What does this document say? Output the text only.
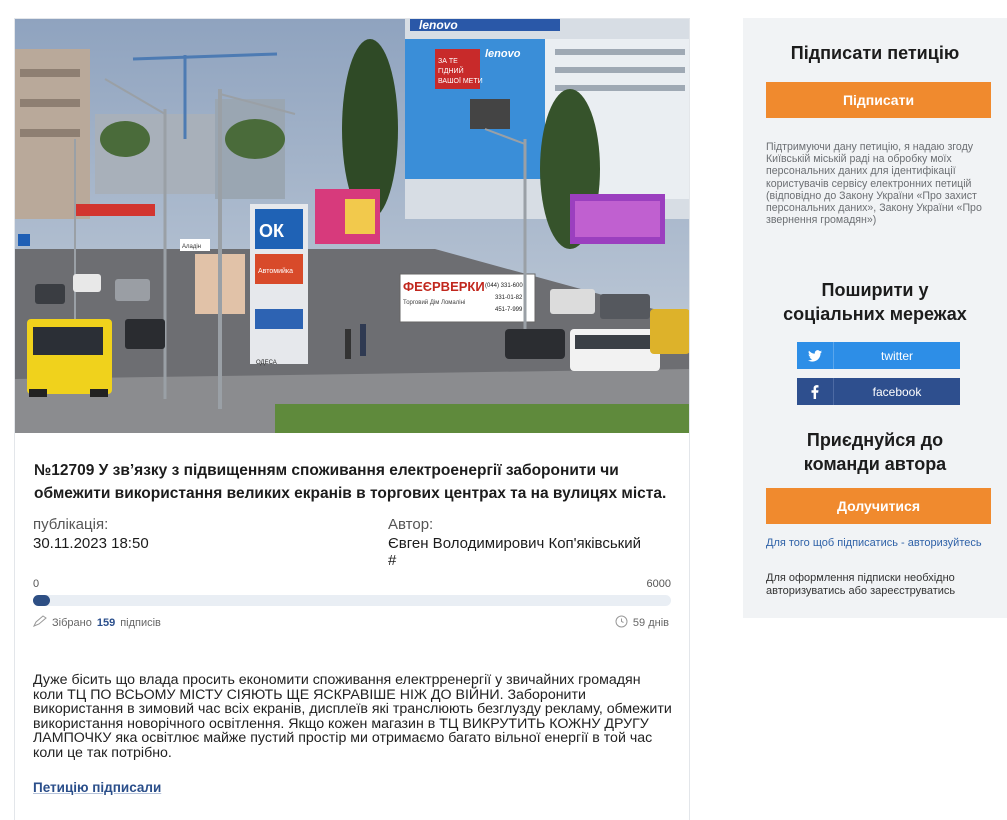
lenovo
lenovo
ЗА ТЕ
ГІДНИЙ
ВАШОЇ МЕТИ
ОК
Автомийка
ОДЕСА
Аладін
ФЕЄРВЕРКИ (044) 331-600
Торговий Дім Ломаліні
331-01-82
451-7-999
№12709 У зв’язку з підвищенням споживання електроенергії заборонити чи обмежити використання великих екранів в торгових центрах та на вулицях міста.
публікація:
30.11.2023 18:50
Автор:
Євген Володимирович Коп'яківський
#
0	6000
Зібрано 159 підписів	59 днів
Дуже бісить що влада просить економити споживання електрренергії у звичайних громадян коли ТЦ ПО ВСЬОМУ МІСТУ СІЯЮТЬ ЩЕ ЯСКРАВІШЕ НІЖ ДО ВІЙНИ. Заборонити використання в зимовий час всіх екранів, дисплеїв які транслюють безглузду рекламу, обмежити використання новорічного освітлення. Якщо кожен магазин в ТЦ ВИКРУТИТЬ КОЖНУ ДРУГУ ЛАМПОЧКУ яка освітлює майже пустий простір ми отримаємо багато вільної енергії в той час коли це так потрібно.
Петицію підписали
Підписати петицію
Підписати
Підтримуючи дану петицію, я надаю згоду Київській міській раді на обробку моїх персональних даних для ідентифікації користувачів сервісу електронних петицій (відповідно до Закону України «Про захист персональних даних», Закону України «Про звернення громадян»)
Поширити у соціальних мережах
twitter
facebook
Приєднуйся до команди автора
Долучитися
Для того щоб підписатись - авторизуйтесь
Для оформлення підписки необхідно авторизуватись або зареєструватись
